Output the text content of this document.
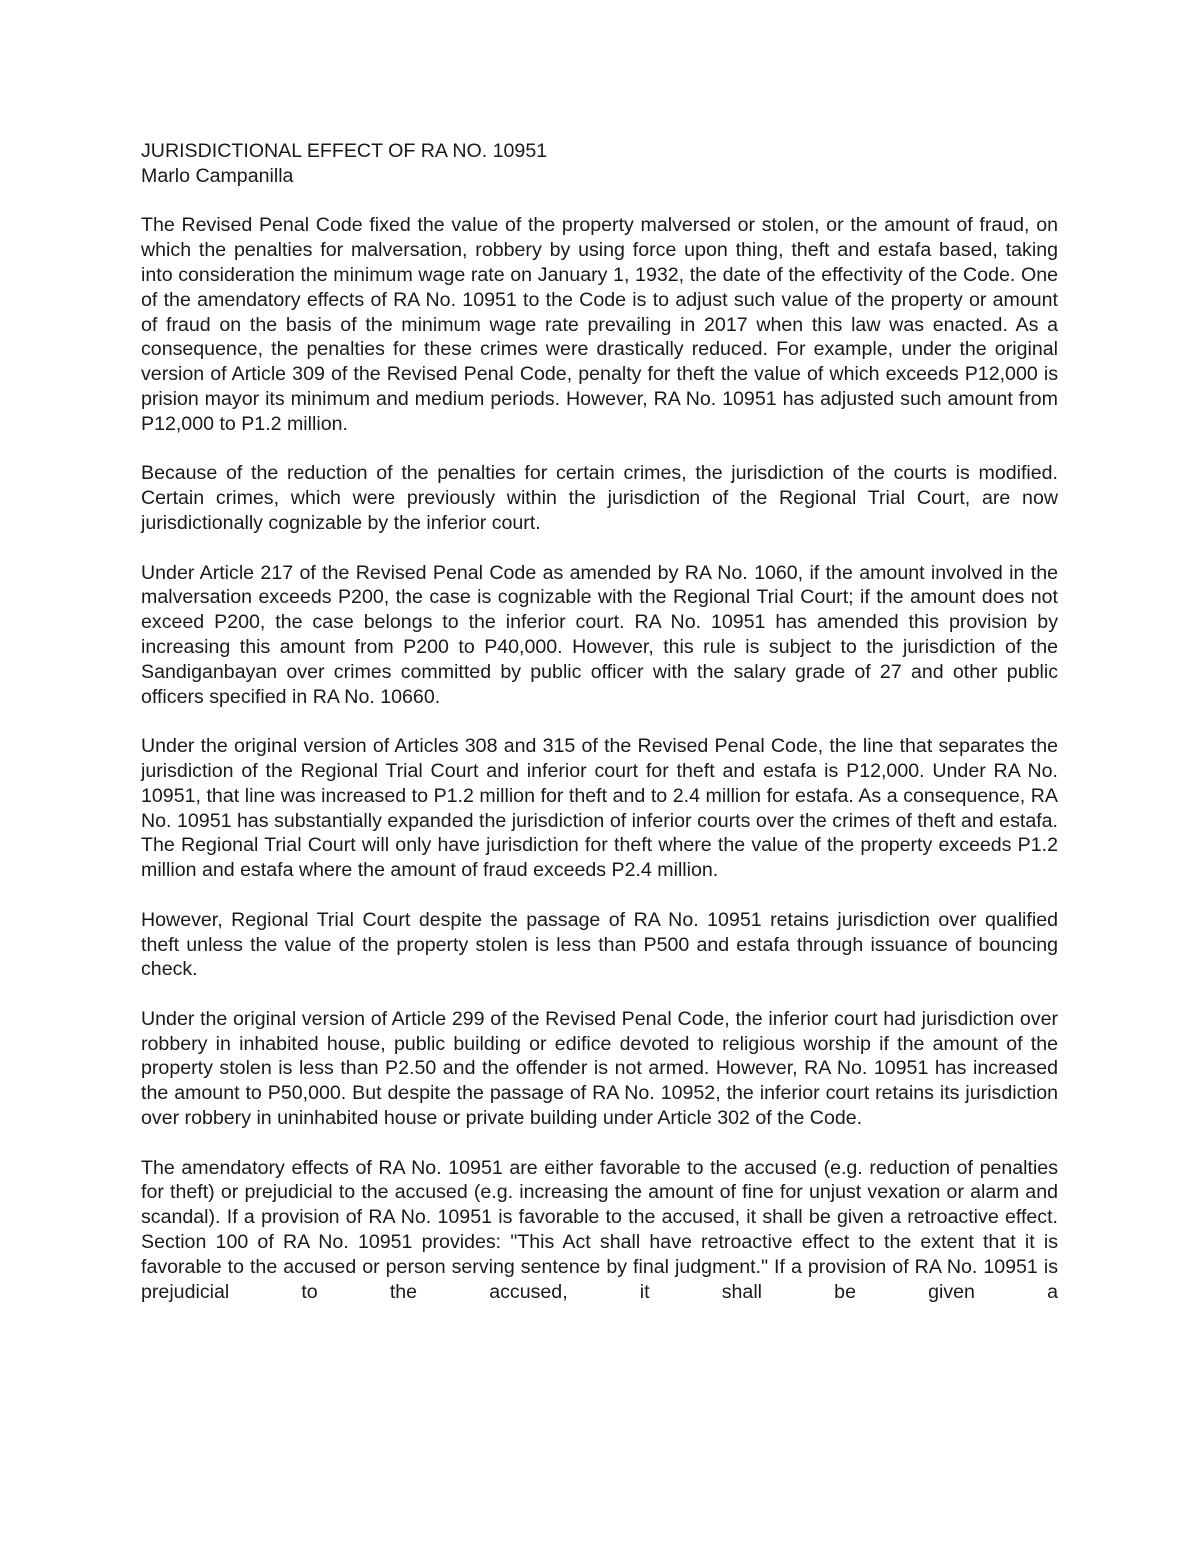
JURISDICTIONAL EFFECT OF RA NO. 10951
Marlo Campanilla

The Revised Penal Code fixed the value of the property malversed or stolen, or the amount of fraud, on which the penalties for malversation, robbery by using force upon thing, theft and estafa based, taking into consideration the minimum wage rate on January 1, 1932, the date of the effectivity of the Code. One of the amendatory effects of RA No. 10951 to the Code is to adjust such value of the property or amount of fraud on the basis of the minimum wage rate prevailing in 2017 when this law was enacted. As a consequence, the penalties for these crimes were drastically reduced. For example, under the original version of Article 309 of the Revised Penal Code, penalty for theft the value of which exceeds P12,000 is prision mayor its minimum and medium periods. However, RA No. 10951 has adjusted such amount from P12,000 to P1.2 million.

Because of the reduction of the penalties for certain crimes, the jurisdiction of the courts is modified. Certain crimes, which were previously within the jurisdiction of the Regional Trial Court, are now jurisdictionally cognizable by the inferior court.

Under Article 217 of the Revised Penal Code as amended by RA No. 1060, if the amount involved in the malversation exceeds P200, the case is cognizable with the Regional Trial Court; if the amount does not exceed P200, the case belongs to the inferior court. RA No. 10951 has amended this provision by increasing this amount from P200 to P40,000. However, this rule is subject to the jurisdiction of the Sandiganbayan over crimes committed by public officer with the salary grade of 27 and other public officers specified in RA No. 10660.

Under the original version of Articles 308 and 315 of the Revised Penal Code, the line that separates the jurisdiction of the Regional Trial Court and inferior court for theft and estafa is P12,000. Under RA No. 10951, that line was increased to P1.2 million for theft and to 2.4 million for estafa. As a consequence, RA No. 10951 has substantially expanded the jurisdiction of inferior courts over the crimes of theft and estafa. The Regional Trial Court will only have jurisdiction for theft where the value of the property exceeds P1.2 million and estafa where the amount of fraud exceeds P2.4 million.

However, Regional Trial Court despite the passage of RA No. 10951 retains jurisdiction over qualified theft unless the value of the property stolen is less than P500 and estafa through issuance of bouncing check.

Under the original version of Article 299 of the Revised Penal Code, the inferior court had jurisdiction over robbery in inhabited house, public building or edifice devoted to religious worship if the amount of the property stolen is less than P2.50 and the offender is not armed. However, RA No. 10951 has increased the amount to P50,000. But despite the passage of RA No. 10952, the inferior court retains its jurisdiction over robbery in uninhabited house or private building under Article 302 of the Code.

The amendatory effects of RA No. 10951 are either favorable to the accused (e.g. reduction of penalties for theft) or prejudicial to the accused (e.g. increasing the amount of fine for unjust vexation or alarm and scandal). If a provision of RA No. 10951 is favorable to the accused, it shall be given a retroactive effect. Section 100 of RA No. 10951 provides: "This Act shall have retroactive effect to the extent that it is favorable to the accused or person serving sentence by final judgment." If a provision of RA No. 10951 is prejudicial to the accused, it shall be given a
